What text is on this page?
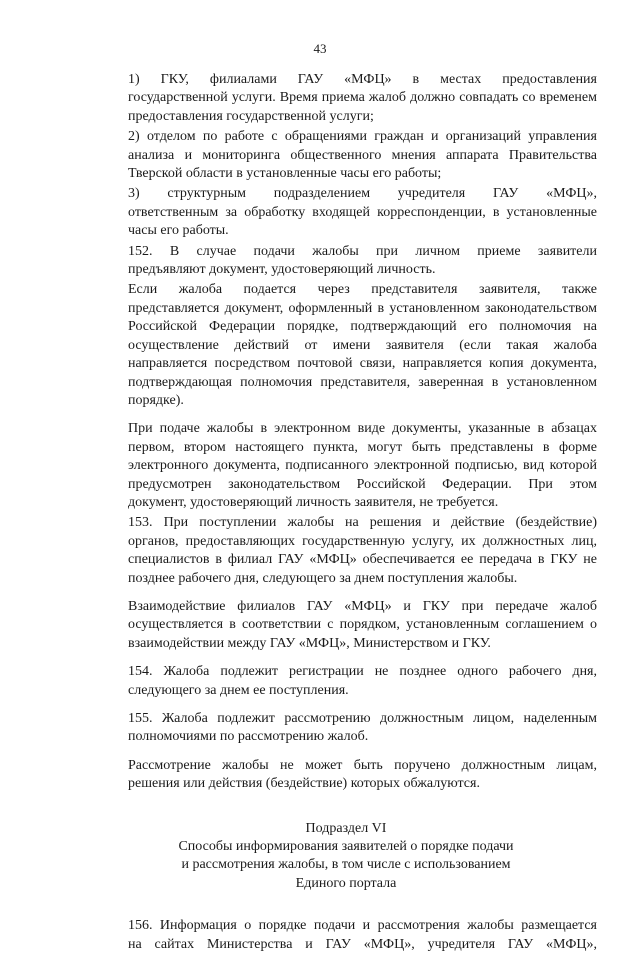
43

1) ГКУ, филиалами ГАУ «МФЦ» в местах предоставления
государственной услуги. Время приема жалоб должно совпадать со временем
предоставления государственной услуги;

2) отделом по работе с обращениями граждан и организаций управления
анализа и мониторинга общественного мнения аппарата Правительства
Тверской области в установленные часы его работы;

3) структурным подразделением учредителя ГАУ «МФЦ»,
ответственным за обработку входящей корреспонденции, в установленные
часы его работы.

152. В случае подачи жалобы при личном приеме заявители
предъявляют документ, удостоверяющий личность.

Если жалоба подается через представителя заявителя, также
представляется документ, оформленный в установленном законодательством
Российской Федерации порядке, подтверждающий его полномочия на
осуществление действий от имени заявителя (если такая жалоба
направляется посредством почтовой связи, направляется копия документа,
подтверждающая полномочия представителя, заверенная в установленном
порядке).

При подаче жалобы в электронном виде документы, указанные в абзацах
первом, втором настоящего пункта, могут быть представлены в форме
электронного документа, подписанного электронной подписью, вид которой
предусмотрен законодательством Российской Федерации. При этом
документ, удостоверяющий личность заявителя, не требуется.

153. При поступлении жалобы на решения и действие (бездействие)
органов, предоставляющих государственную услугу, их должностных лиц,
специалистов в филиал ГАУ «МФЦ» обеспечивается ее передача в ГКУ не
позднее рабочего дня, следующего за днем поступления жалобы.

Взаимодействие филиалов ГАУ «МФЦ» и ГКУ при передаче жалоб
осуществляется в соответствии с порядком, установленным соглашением о
взаимодействии между ГАУ «МФЦ», Министерством и ГКУ.

154. Жалоба подлежит регистрации не позднее одного рабочего дня,
следующего за днем ее поступления.

155. Жалоба подлежит рассмотрению должностным лицом, наделенным
полномочиями по рассмотрению жалоб.

Рассмотрение жалобы не может быть поручено должностным лицам,
решения или действия (бездействие) которых обжалуются.

Подраздел VI
Способы информирования заявителей о порядке подачи
и рассмотрения жалобы, в том числе с использованием
Единого портала

156. Информация о порядке подачи и рассмотрения жалобы размещается
на сайтах Министерства и ГАУ «МФЦ», учредителя ГАУ «МФЦ»,
